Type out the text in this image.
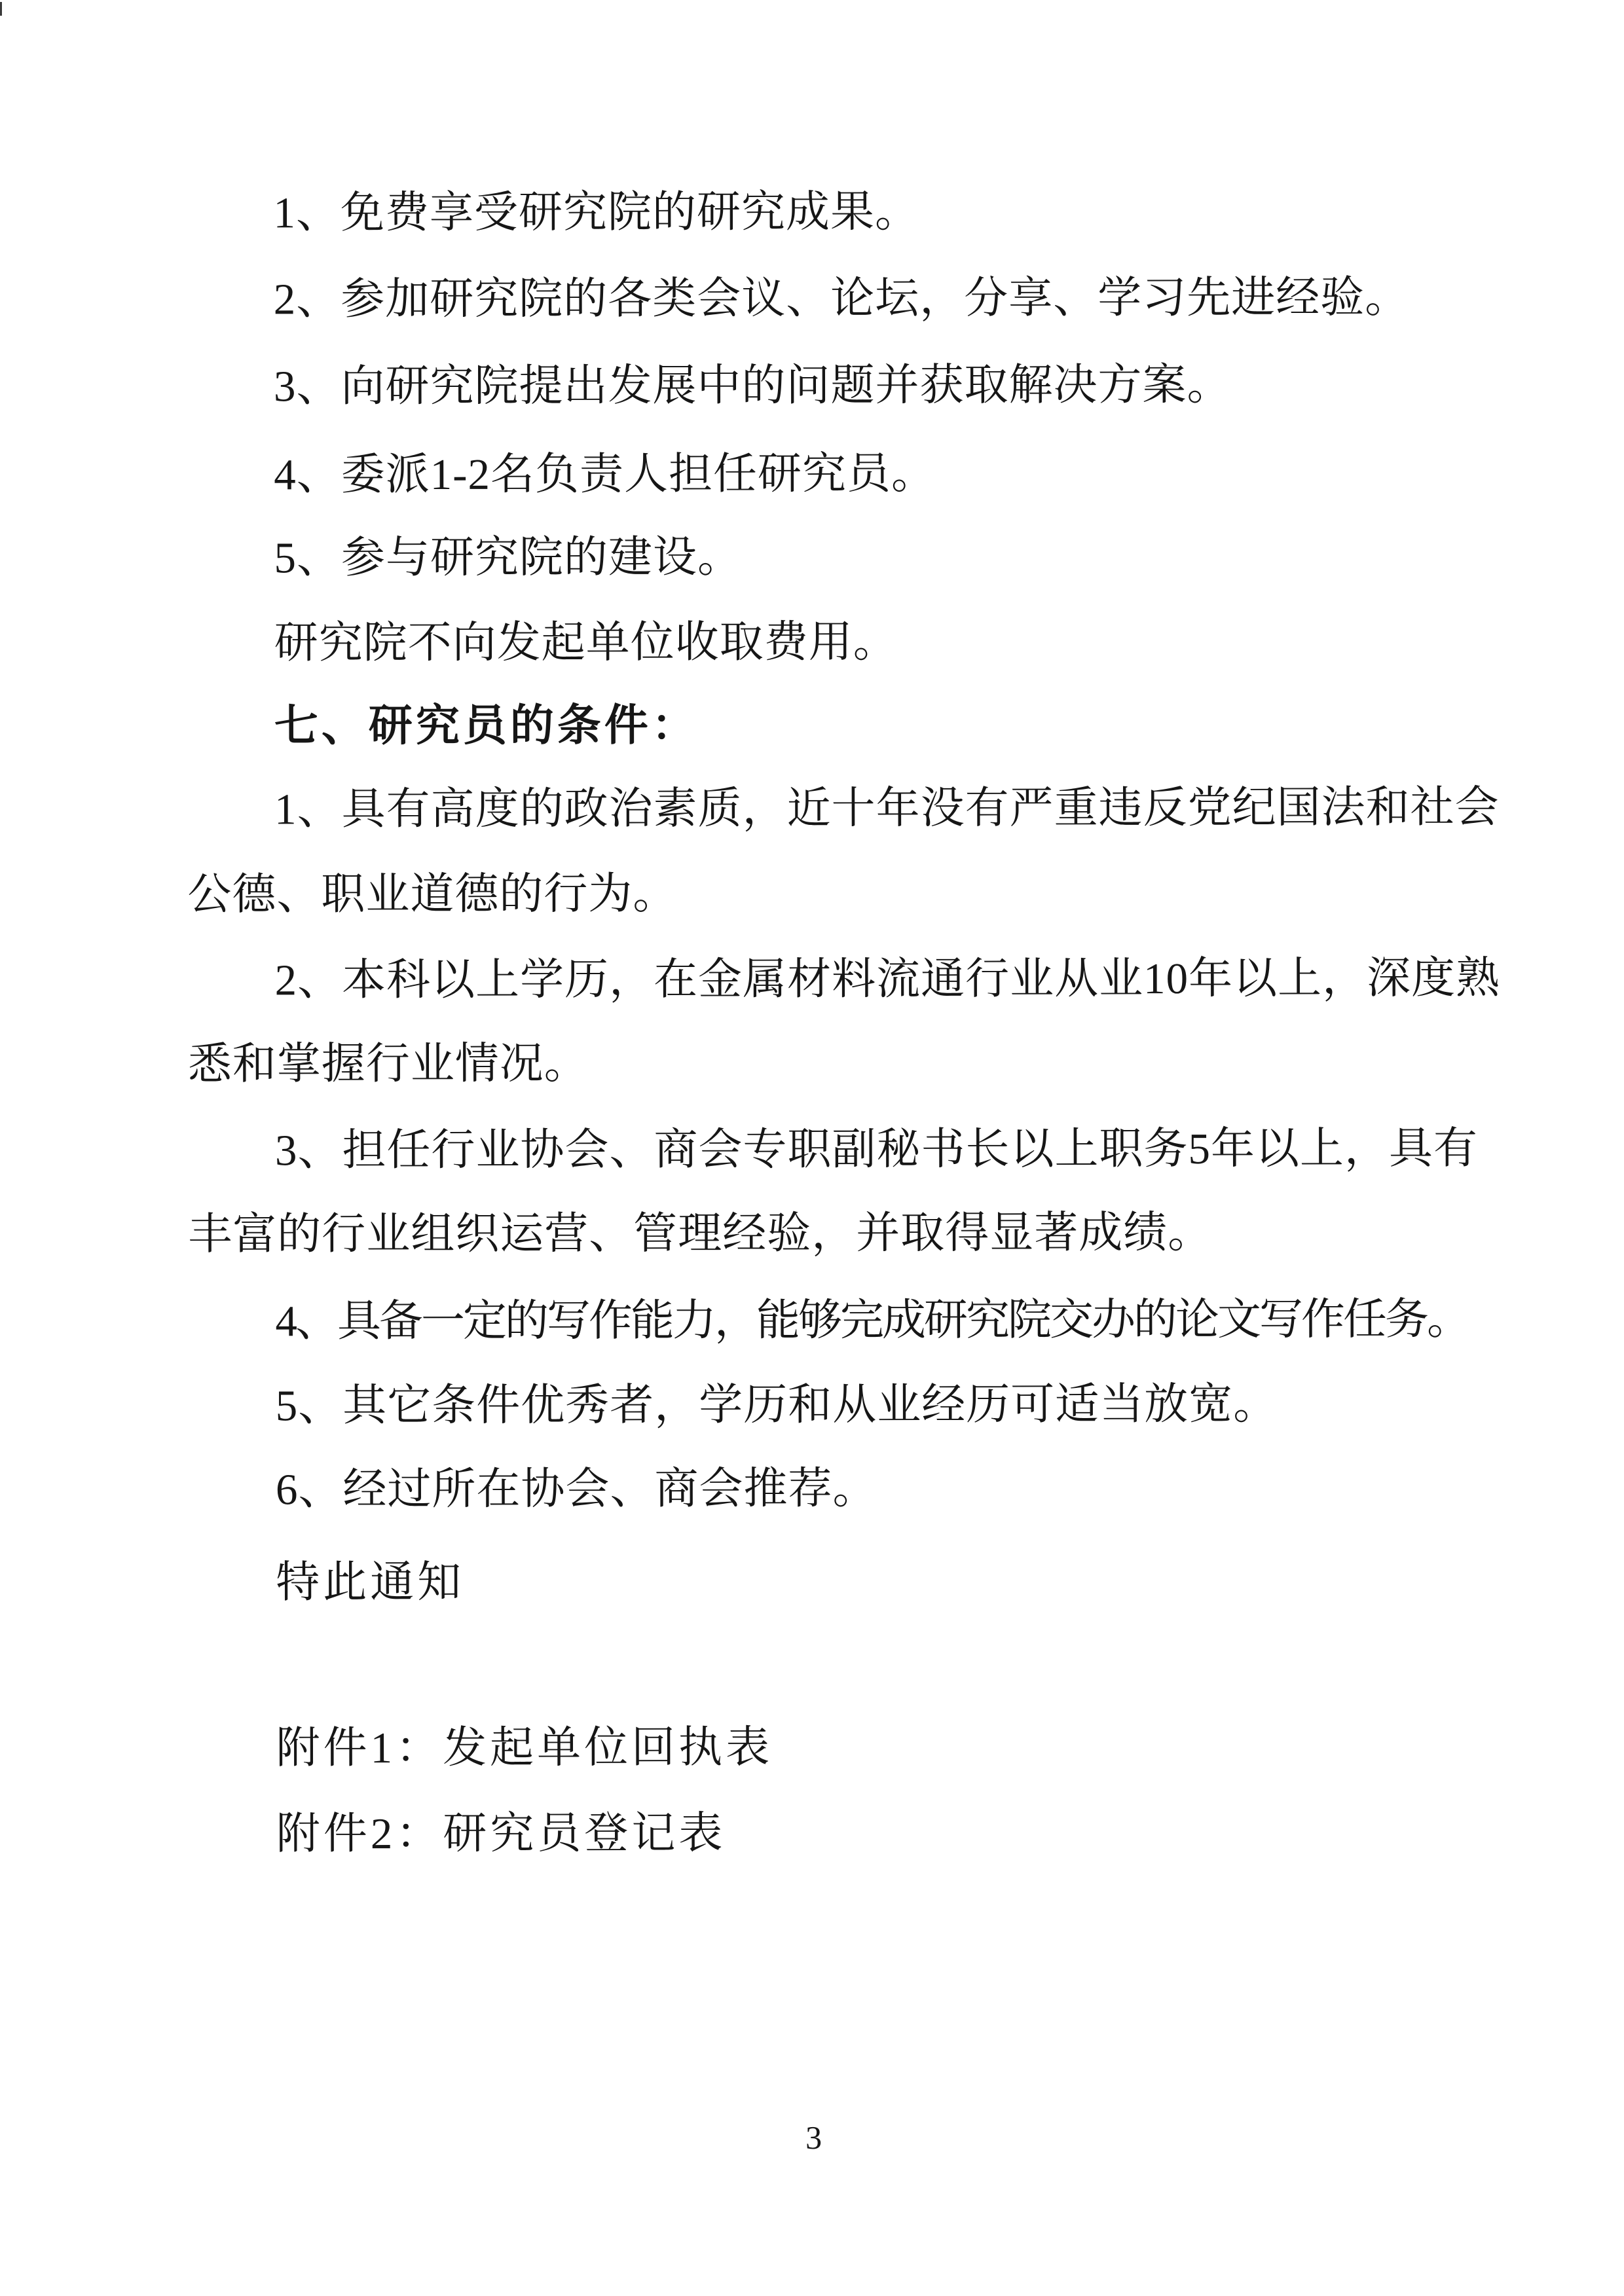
1、免费享受研究院的研究成果。
2、参加研究院的各类会议、论坛，分享、学习先进经验。
3、向研究院提出发展中的问题并获取解决方案。
4、委派1-2名负责人担任研究员。
5、参与研究院的建设。
研究院不向发起单位收取费用。
七、研究员的条件：
1、具有高度的政治素质，近十年没有严重违反党纪国法和社会
公德、职业道德的行为。
2、本科以上学历，在金属材料流通行业从业10年以上，深度熟
悉和掌握行业情况。
3、担任行业协会、商会专职副秘书长以上职务5年以上，具有
丰富的行业组织运营、管理经验，并取得显著成绩。
4、具备一定的写作能力，能够完成研究院交办的论文写作任务。
5、其它条件优秀者，学历和从业经历可适当放宽。
6、经过所在协会、商会推荐。
特此通知
附件1：发起单位回执表
附件2：研究员登记表
3
